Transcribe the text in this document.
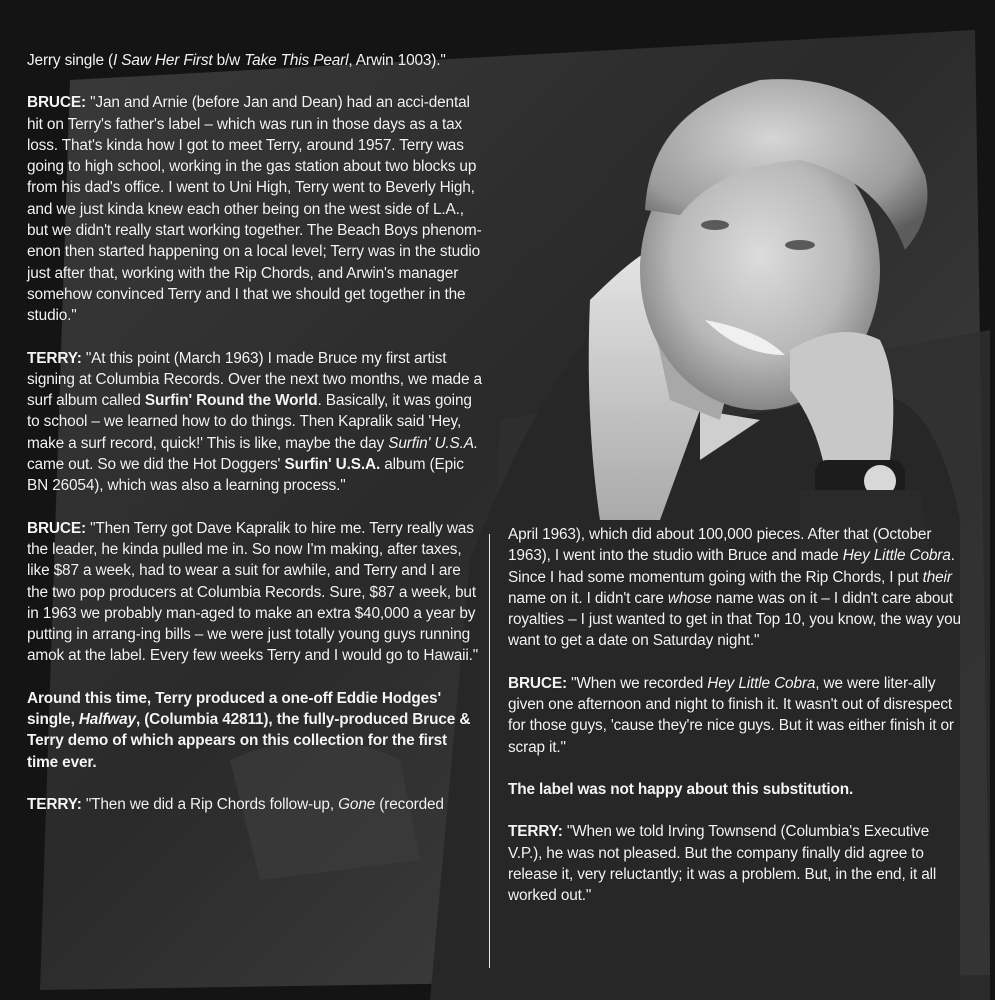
Jerry single (I Saw Her First b/w Take This Pearl, Arwin 1003)."

BRUCE: "Jan and Arnie (before Jan and Dean) had an acci-dental hit on Terry's father's label – which was run in those days as a tax loss. That's kinda how I got to meet Terry, around 1957. Terry was going to high school, working in the gas station about two blocks up from his dad's office. I went to Uni High, Terry went to Beverly High, and we just kinda knew each other being on the west side of L.A., but we didn't really start working together. The Beach Boys phenom-enon then started happening on a local level; Terry was in the studio just after that, working with the Rip Chords, and Arwin's manager somehow convinced Terry and I that we should get together in the studio."

TERRY: "At this point (March 1963) I made Bruce my first artist signing at Columbia Records. Over the next two months, we made a surf album called Surfin' Round the World. Basically, it was going to school – we learned how to do things. Then Kapralik said 'Hey, make a surf record, quick!' This is like, maybe the day Surfin' U.S.A. came out. So we did the Hot Doggers' Surfin' U.S.A. album (Epic BN 26054), which was also a learning process."

BRUCE: "Then Terry got Dave Kapralik to hire me. Terry really was the leader, he kinda pulled me in. So now I'm making, after taxes, like $87 a week, had to wear a suit for awhile, and Terry and I are the two pop producers at Columbia Records. Sure, $87 a week, but in 1963 we probably man-aged to make an extra $40,000 a year by putting in arrang-ing bills – we were just totally young guys running amok at the label. Every few weeks Terry and I would go to Hawaii."

Around this time, Terry produced a one-off Eddie Hodges' single, Halfway, (Columbia 42811), the fully-produced Bruce & Terry demo of which appears on this collection for the first time ever.

TERRY: "Then we did a Rip Chords follow-up, Gone (recorded

April 1963), which did about 100,000 pieces. After that (October 1963), I went into the studio with Bruce and made Hey Little Cobra. Since I had some momentum going with the Rip Chords, I put their name on it. I didn't care whose name was on it – I didn't care about royalties – I just wanted to get in that Top 10, you know, the way you want to get a date on Saturday night."

BRUCE: "When we recorded Hey Little Cobra, we were liter-ally given one afternoon and night to finish it. It wasn't out of disrespect for those guys, 'cause they're nice guys. But it was either finish it or scrap it."

The label was not happy about this substitution.

TERRY: "When we told Irving Townsend (Columbia's Executive V.P.), he was not pleased. But the company finally did agree to release it, very reluctantly; it was a problem. But, in the end, it all worked out."
